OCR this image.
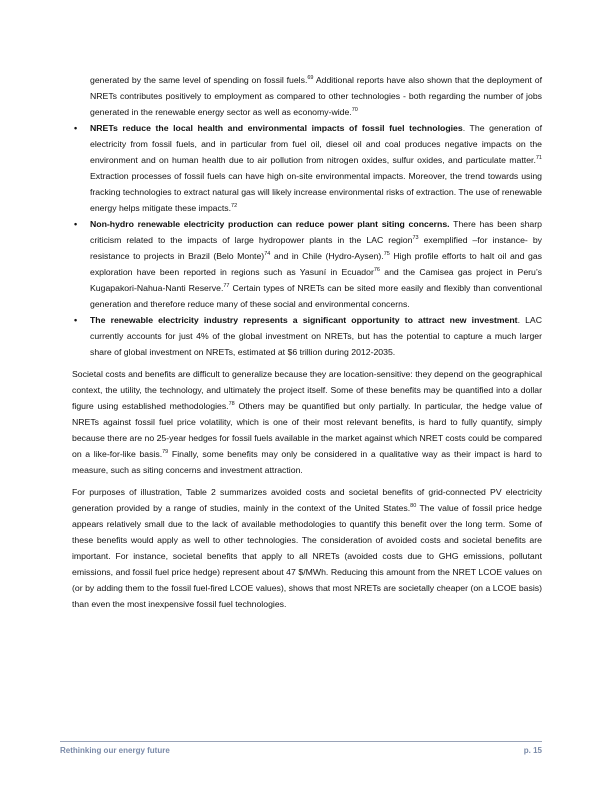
generated by the same level of spending on fossil fuels.$^{69}$ Additional reports have also shown that the deployment of NRETs contributes positively to employment as compared to other technologies - both regarding the number of jobs generated in the renewable energy sector as well as economy-wide.$^{70}$

• NRETs reduce the local health and environmental impacts of fossil fuel technologies. The generation of electricity from fossil fuels, and in particular from fuel oil, diesel oil and coal produces negative impacts on the environment and on human health due to air pollution from nitrogen oxides, sulfur oxides, and particulate matter.$^{71}$ Extraction processes of fossil fuels can have high on-site environmental impacts. Moreover, the trend towards using fracking technologies to extract natural gas will likely increase environmental risks of extraction. The use of renewable energy helps mitigate these impacts.$^{72}$
• Non-hydro renewable electricity production can reduce power plant siting concerns. There has been sharp criticism related to the impacts of large hydropower plants in the LAC region$^{73}$ exemplified –for instance- by resistance to projects in Brazil (Belo Monte)$^{74}$ and in Chile (Hydro-Aysen).$^{75}$ High profile efforts to halt oil and gas exploration have been reported in regions such as Yasuní in Ecuador$^{76}$ and the Camisea gas project in Peru’s Kugapakori-Nahua-Nanti Reserve.$^{77}$ Certain types of NRETs can be sited more easily and flexibly than conventional generation and therefore reduce many of these social and environmental concerns.
• The renewable electricity industry represents a significant opportunity to attract new investment. LAC currently accounts for just 4% of the global investment on NRETs, but has the potential to capture a much larger share of global investment on NRETs, estimated at $6 trillion during 2012-2035.

Societal costs and benefits are difficult to generalize because they are location-sensitive: they depend on the geographical context, the utility, the technology, and ultimately the project itself. Some of these benefits may be quantified into a dollar figure using established methodologies.$^{78}$ Others may be quantified but only partially. In particular, the hedge value of NRETs against fossil fuel price volatility, which is one of their most relevant benefits, is hard to fully quantify, simply because there are no 25-year hedges for fossil fuels available in the market against which NRET costs could be compared on a like-for-like basis.$^{79}$ Finally, some benefits may only be considered in a qualitative way as their impact is hard to measure, such as siting concerns and investment attraction.

For purposes of illustration, Table 2 summarizes avoided costs and societal benefits of grid-connected PV electricity generation provided by a range of studies, mainly in the context of the United States.$^{80}$ The value of fossil price hedge appears relatively small due to the lack of available methodologies to quantify this benefit over the long term. Some of these benefits would apply as well to other technologies. The consideration of avoided costs and societal benefits are important. For instance, societal benefits that apply to all NRETs (avoided costs due to GHG emissions, pollutant emissions, and fossil fuel price hedge) represent about 47 $/MWh. Reducing this amount from the NRET LCOE values on (or by adding them to the fossil fuel-fired LCOE values), shows that most NRETs are societally cheaper (on a LCOE basis) than even the most inexpensive fossil fuel technologies.

Rethinking our energy future	p. 15
